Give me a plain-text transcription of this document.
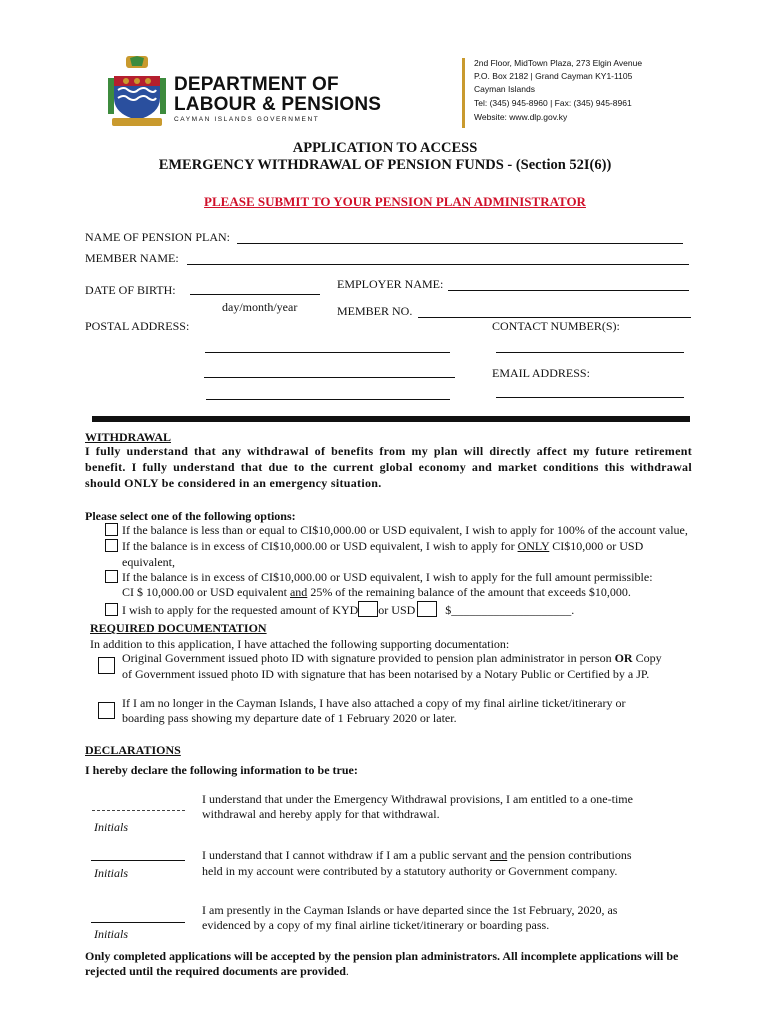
DEPARTMENT OF
LABOUR & PENSIONS
CAYMAN ISLANDS GOVERNMENT
2nd Floor, MidTown Plaza, 273 Elgin Avenue
P.O. Box 2182 | Grand Cayman KY1-1105
Cayman Islands
Tel: (345) 945-8960 | Fax: (345) 945-8961
Website: www.dlp.gov.ky
APPLICATION TO ACCESS
EMERGENCY WITHDRAWAL OF PENSION FUNDS - (Section 52I(6))
PLEASE SUBMIT TO YOUR PENSION PLAN ADMINISTRATOR
NAME OF PENSION PLAN:
MEMBER NAME:
EMPLOYER NAME:
DATE OF BIRTH:
day/month/year	MEMBER NO.
POSTAL ADDRESS:	CONTACT NUMBER(S):
EMAIL ADDRESS:
WITHDRAWAL
I fully understand that any withdrawal of benefits from my plan will directly affect my future retirement benefit. I fully understand that due to the current global economy and market conditions this withdrawal should ONLY be considered in an emergency situation.
Please select one of the following options:
If the balance is less than or equal to CI$10,000.00 or USD equivalent, I wish to apply for 100% of the account value,
If the balance is in excess of CI$10,000.00 or USD equivalent, I wish to apply for ONLY CI$10,000 or USD
equivalent,
If the balance is in excess of CI$10,000.00 or USD equivalent, I wish to apply for the full amount permissible:
CI $ 10,000.00 or USD equivalent and 25% of the remaining balance of the amount that exceeds $10,000.
I wish to apply for the requested amount of KYD or USD	$____________________.
REQUIRED DOCUMENTATION
In addition to this application, I have attached the following supporting documentation:
Original Government issued photo ID with signature provided to pension plan administrator in person OR Copy
of Government issued photo ID with signature that has been notarised by a Notary Public or Certified by a JP.
If I am no longer in the Cayman Islands, I have also attached a copy of my final airline ticket/itinerary or
boarding pass showing my departure date of 1 February 2020 or later.
DECLARATIONS
I hereby declare the following information to be true:
Initials
I understand that under the Emergency Withdrawal provisions, I am entitled to a one-time
withdrawal and hereby apply for that withdrawal.
Initials
I understand that I cannot withdraw if I am a public servant and the pension contributions
held in my account were contributed by a statutory authority or Government company.
Initials
I am presently in the Cayman Islands or have departed since the 1st February, 2020, as
evidenced by a copy of my final airline ticket/itinerary or boarding pass.
Only completed applications will be accepted by the pension plan administrators. All incomplete applications will be
rejected until the required documents are provided.
